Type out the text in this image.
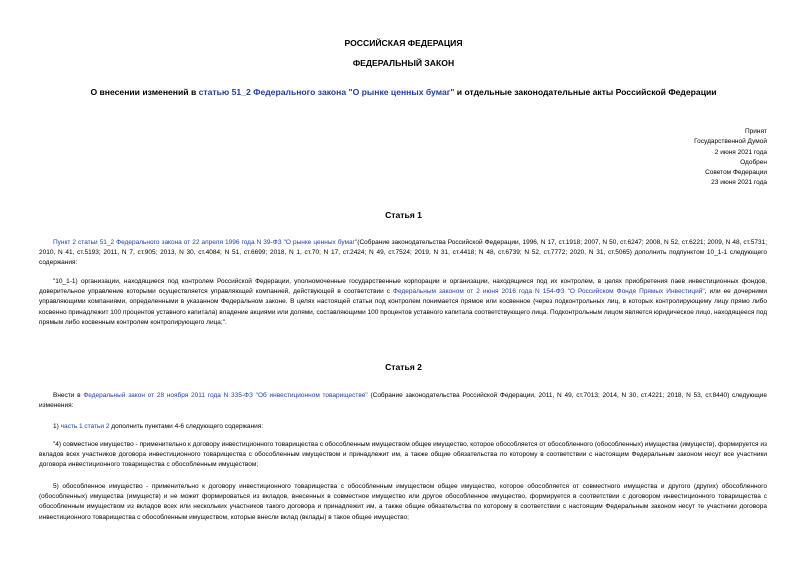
РОССИЙСКАЯ ФЕДЕРАЦИЯ
ФЕДЕРАЛЬНЫЙ ЗАКОН
О внесении изменений в статью 51_2 Федерального закона "О рынке ценных бумаг" и отдельные законодательные акты Российской Федерации
Принят
Государственной Думой
2 июня 2021 года
Одобрен
Советом Федерации
23 июня 2021 года
Статья 1
Пункт 2 статьи 51_2 Федерального закона от 22 апреля 1996 года N 39-ФЗ "О рынке ценных бумаг"(Собрание законодательства Российской Федерации, 1996, N 17, ст.1918; 2007, N 50, ст.6247; 2008, N 52, ст.6221; 2009, N 48, ст.5731; 2010, N 41, ст.5193; 2011, N 7, ст.905; 2013, N 30, ст.4084; N 51, ст.6699; 2018, N 1, ст.70; N 17, ст.2424; N 49, ст.7524; 2019, N 31, ст.4418; N 48, ст.6739; N 52, ст.7772; 2020, N 31, ст.5065) дополнить подпунктом 10_1-1 следующего содержания:
"10_1-1) организации, находящиеся под контролем Российской Федерации, уполномоченные государственные корпорации и организации, находящиеся под их контролем, в целях приобретения паев инвестиционных фондов, доверительное управление которыми осуществляется управляющей компанией, действующей в соответствии с Федеральным законом от 2 июня 2016 года N 154-ФЗ "О Российском Фонде Прямых Инвестиций", или ее дочерними управляющими компаниями, определенными в указанном Федеральном законе. В целях настоящей статьи под контролем понимается прямое или косвенное (через подконтрольных лиц, в которых контролирующему лицу прямо либо косвенно принадлежит 100 процентов уставного капитала) владение акциями или долями, составляющими 100 процентов уставного капитала соответствующего лица. Подконтрольным лицом является юридическое лицо, находящееся под прямым либо косвенным контролем контролирующего лица;".
Статья 2
Внести в Федеральный закон от 28 ноября 2011 года N 335-ФЗ "Об инвестиционном товариществе" (Собрание законодательства Российской Федерации, 2011, N 49, ст.7013; 2014, N 30, ст.4221; 2018, N 53, ст.8440) следующие изменения:
1) часть 1 статьи 2 дополнить пунктами 4-6 следующего содержания:
"4) совместное имущество - применительно к договору инвестиционного товарищества с обособленным имуществом общее имущество, которое обособляется от обособленного (обособленных) имущества (имуществ), формируется из вкладов всех участников договора инвестиционного товарищества с обособленным имуществом и принадлежит им, а также общие обязательства по которому в соответствии с настоящим Федеральным законом несут все участники договора инвестиционного товарищества с обособленным имуществом;
5) обособленное имущество - применительно к договору инвестиционного товарищества с обособленным имуществом общее имущество, которое обособляется от совместного имущества и другого (других) обособленного (обособленных) имущества (имуществ) и не может формироваться из вкладов, внесенных в совместное имущество или другое обособленное имущество, формируется в соответствии с договором инвестиционного товарищества с обособленным имуществом из вкладов всех или нескольких участников такого договора и принадлежит им, а также общие обязательства по которому в соответствии с настоящим Федеральным законом несут те участники договора инвестиционного товарищества с обособленным имуществом, которые внесли вклад (вклады) в такое общее имущество;
